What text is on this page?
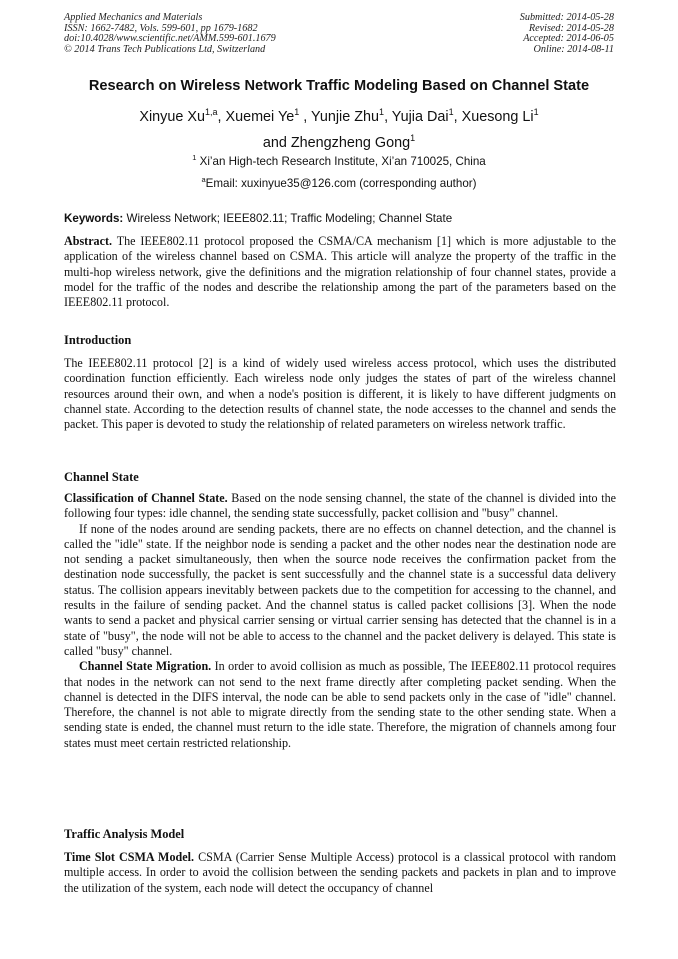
Applied Mechanics and Materials
ISSN: 1662-7482, Vols. 599-601, pp 1679-1682
doi:10.4028/www.scientific.net/AMM.599-601.1679
© 2014 Trans Tech Publications Ltd, Switzerland
Submitted: 2014-05-28
Revised: 2014-05-28
Accepted: 2014-06-05
Online: 2014-08-11
Research on Wireless Network Traffic Modeling Based on Channel State
Xinyue Xu$^{1,a}$, Xuemei Ye$^1$ , Yunjie Zhu$^1$, Yujia Dai$^1$, Xuesong Li$^1$
and Zhengzheng Gong$^1$
$^1$ Xi’an High-tech Research Institute, Xi’an 710025, China
$^a$Email: xuxinyue35@126.com (corresponding author)
Keywords: Wireless Network; IEEE802.11; Traffic Modeling; Channel State

Abstract. The IEEE802.11 protocol proposed the CSMA/CA mechanism [1] which is more adjustable to the application of the wireless channel based on CSMA. This article will analyze the property of the traffic in the multi-hop wireless network, give the definitions and the migration relationship of four channel states, provide a model for the traffic of the nodes and describe the relationship among the part of the parameters based on the IEEE802.11 protocol.

Introduction

The IEEE802.11 protocol [2] is a kind of widely used wireless access protocol, which uses the distributed coordination function efficiently. Each wireless node only judges the states of part of the wireless channel resources around their own, and when a node's position is different, it is likely to have different judgments on channel state. According to the detection results of channel state, the node accesses to the channel and sends the packet. This paper is devoted to study the relationship of related parameters on wireless network traffic.

Channel State

Classification of Channel State. Based on the node sensing channel, the state of the channel is divided into the following four types: idle channel, the sending state successfully, packet collision and "busy" channel.

If none of the nodes around are sending packets, there are no effects on channel detection, and the channel is called the "idle" state. If the neighbor node is sending a packet and the other nodes near the destination node are not sending a packet simultaneously, then when the source node receives the confirmation packet from the destination node successfully, the packet is sent successfully and the channel state is a successful data delivery status. The collision appears inevitably between packets due to the competition for accessing to the channel, and results in the failure of sending packet. And the channel status is called packet collisions [3]. When the node wants to send a packet and physical carrier sensing or virtual carrier sensing has detected that the channel is in a state of "busy", the node will not be able to access to the channel and the packet delivery is delayed. This state is called "busy" channel.

Channel State Migration. In order to avoid collision as much as possible, The IEEE802.11 protocol requires that nodes in the network can not send to the next frame directly after completing packet sending. When the channel is detected in the DIFS interval, the node can be able to send packets only in the case of "idle" channel. Therefore, the channel is not able to migrate directly from the sending state to the other sending state. When a sending state is ended, the channel must return to the idle state. Therefore, the migration of channels among four states must meet certain restricted relationship.

Traffic Analysis Model

Time Slot CSMA Model. CSMA (Carrier Sense Multiple Access) protocol is a classical protocol with random multiple access. In order to avoid the collision between the sending packets and packets in plan and to improve the utilization of the system, each node will detect the occupancy of channel
